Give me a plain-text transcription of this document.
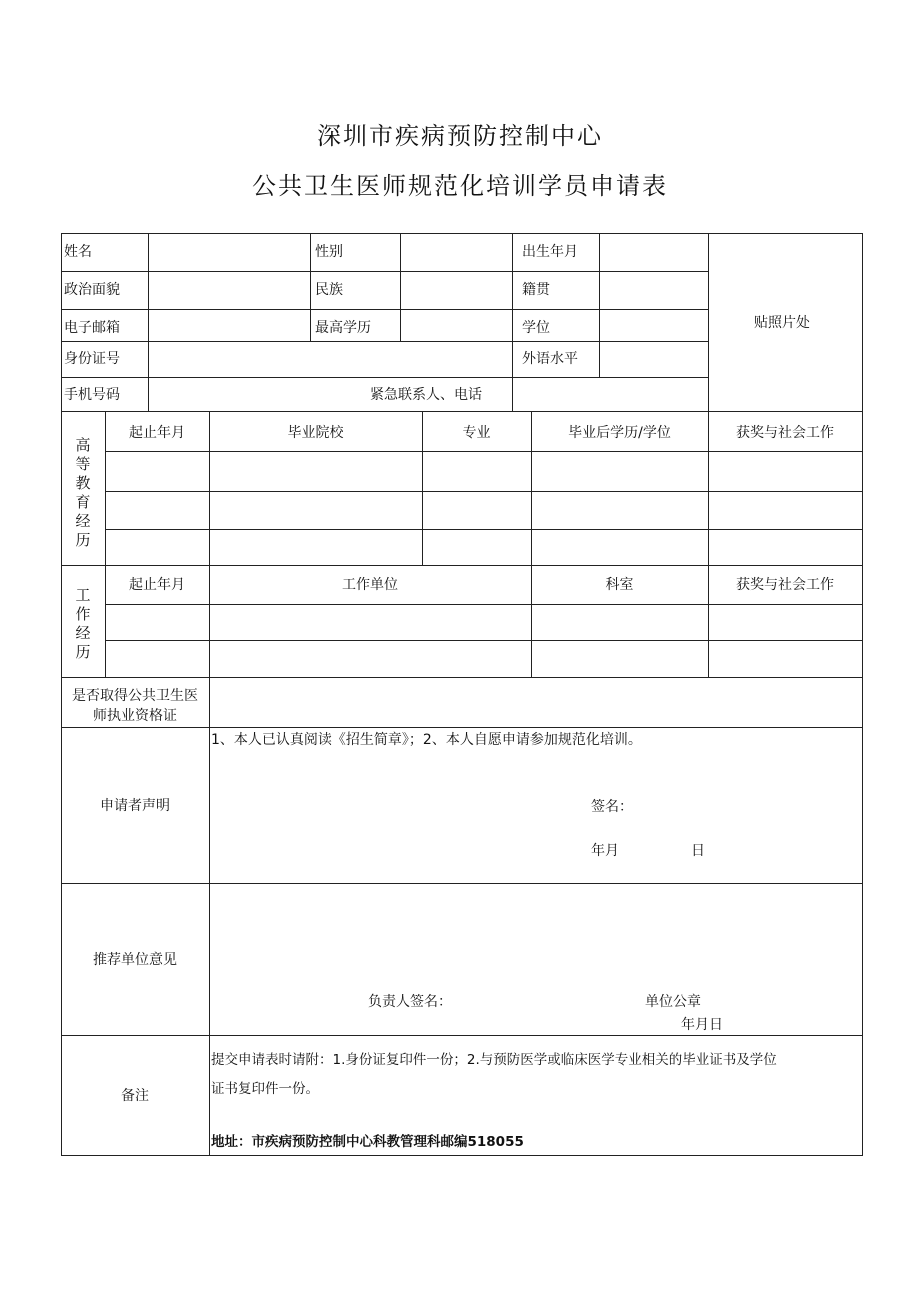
深圳市疾病预防控制中心
公共卫生医师规范化培训学员申请表
姓名	性别	出生年月
政治面貌	民族	籍贯
电子邮箱	最高学历	学位
身份证号	外语水平
手机号码	紧急联系人、电话
贴照片处
高等教育经历
起止年月	毕业院校	专业	毕业后学历/学位	获奖与社会工作
工作经历
起止年月	工作单位	科室	获奖与社会工作
是否取得公共卫生医
师执业资格证
申请者声明
1、本人已认真阅读《招生简章》；2、本人自愿申请参加规范化培训。
签名：
年月	日
推荐单位意见
负责人签名：	单位公章
年月日
备注
提交申请表时请附：1.身份证复印件一份；2.与预防医学或临床医学专业相关的毕业证书及学位
证书复印件一份。
地址：市疾病预防控制中心科教管理科邮编518055
